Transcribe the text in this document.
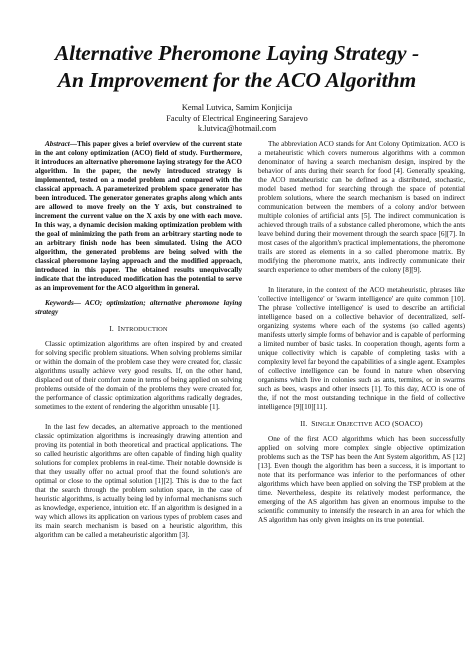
Alternative Pheromone Laying Strategy -
An Improvement for the ACO Algorithm
Kemal Lutvica, Samim Konjicija
Faculty of Electrical Engineering Sarajevo
k.lutvica@hotmail.com

Abstract—This paper gives a brief overview of the current state in the ant colony optimization (ACO) field of study. Furthermore, it introduces an alternative pheromone laying strategy for the ACO algorithm. In the paper, the newly introduced strategy is implemented, tested on a model problem and compared with the classical approach. A parameterized problem space generator has been introduced. The generator generates graphs along which ants are allowed to move freely on the Y axis, but constrained to increment the current value on the X axis by one with each move. In this way, a dynamic decision making optimization problem with the goal of minimizing the path from an arbitrary starting node to an arbitrary finish node has been simulated. Using the ACO algorithm, the generated problems are being solved with the classical pheromone laying approach and the modified approach, introduced in this paper. The obtained results unequivocally indicate that the introduced modification has the potential to serve as an improvement for the ACO algorithm in general.

Keywords— ACO; optimization; alternative pheromone laying strategy

I. INTRODUCTION

Classic optimization algorithms are often inspired by and created for solving specific problem situations. When solving problems similar or within the domain of the problem case they were created for, classic algorithms usually achieve very good results. If, on the other hand, displaced out of their comfort zone in terms of being applied on solving problems outside of the domain of the problems they were created for, the performance of classic optimization algorithms radically degrades, sometimes to the extent of rendering the algorithm unusable [1].

In the last few decades, an alternative approach to the mentioned classic optimization algorithms is increasingly drawing attention and proving its potential in both theoretical and practical applications. The so called heuristic algorithms are often capable of finding high quality solutions for complex problems in real-time. Their notable downside is that they usually offer no actual proof that the found solution/s are optimal or close to the optimal solution [1][2]. This is due to the fact that the search through the problem solution space, in the case of heuristic algorithms, is actually being led by informal mechanisms such as knowledge, experience, intuition etc. If an algorithm is designed in a way which allows its application on various types of problem cases and its main search mechanism is based on a heuristic algorithm, this algorithm can be called a metaheuristic algorithm [3].

The abbreviation ACO stands for Ant Colony Optimization. ACO is a metaheuristic which covers numerous algorithms with a common denominator of having a search mechanism design, inspired by the behavior of ants during their search for food [4]. Generally speaking, the ACO metaheuristic can be defined as a distributed, stochastic, model based method for searching through the space of potential problem solutions, where the search mechanism is based on indirect communication between the members of a colony and/or between multiple colonies of artificial ants [5]. The indirect communication is achieved through trails of a substance called pheromone, which the ants leave behind during their movement through the search space [6][7]. In most cases of the algorithm's practical implementations, the pheromone trails are stored as elements in a so called pheromone matrix. By modifying the pheromone matrix, ants indirectly communicate their search experience to other members of the colony [8][9].

In literature, in the context of the ACO metaheuristic, phrases like 'collective intelligence' or 'swarm intelligence' are quite common [10]. The phrase 'collective intelligence' is used to describe an artificial intelligence based on a collective behavior of decentralized, self-organizing systems where each of the systems (so called agents) manifests utterly simple forms of behavior and is capable of performing a limited number of basic tasks. In cooperation though, agents form a unique collectivity which is capable of completing tasks with a complexity level far beyond the capabilities of a single agent. Examples of collective intelligence can be found in nature when observing organisms which live in colonies such as ants, termites, or in swarms such as bees, wasps and other insects [1]. To this day, ACO is one of the, if not the most outstanding technique in the field of collective intelligence [9][10][11].

II. SINGLE OBJECTIVE ACO (SOACO)

One of the first ACO algorithms which has been successfully applied on solving more complex single objective optimization problems such as the TSP has been the Ant System algorithm, AS [12][13]. Even though the algorithm has been a success, it is important to note that its performance was inferior to the performances of other algorithms which have been applied on solving the TSP problem at the time. Nevertheless, despite its relatively modest performance, the emerging of the AS algorithm has given an enormous impulse to the scientific community to intensify the research in an area for which the AS algorithm has only given insights on its true potential.
